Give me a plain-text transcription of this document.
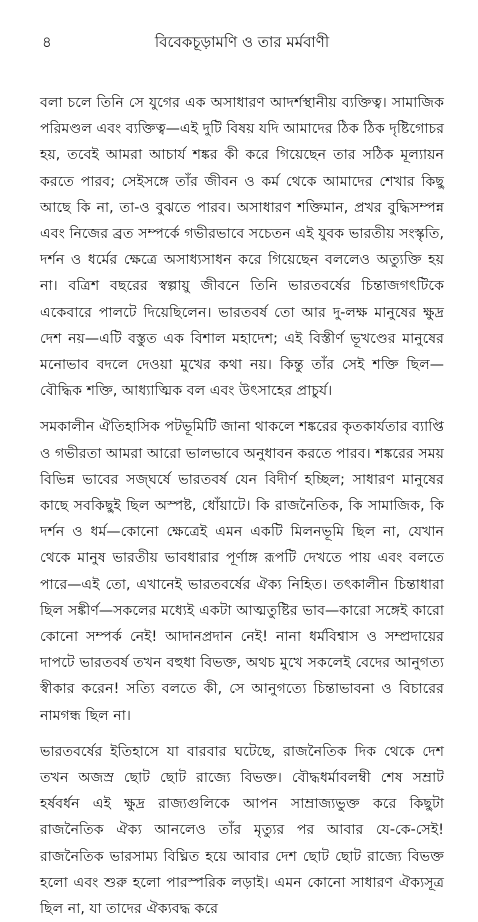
৪	বিবেকচূড়ামণি ও তার মর্মবাণী

বলা চলে তিনি সে যুগের এক অসাধারণ আদর্শস্থানীয় ব্যক্তিত্ব। সামাজিক পরিমণ্ডল এবং ব্যক্তিত্ব—এই দুটি বিষয় যদি আমাদের ঠিক ঠিক দৃষ্টিগোচর হয়, তবেই আমরা আচার্য শঙ্কর কী করে গিয়েছেন তার সঠিক মূল্যায়ন করতে পারব; সেইসঙ্গে তাঁর জীবন ও কর্ম থেকে আমাদের শেখার কিছু আছে কি না, তা-ও বুঝতে পারব। অসাধারণ শক্তিমান, প্রখর বুদ্ধিসম্পন্ন এবং নিজের ব্রত সম্পর্কে গভীরভাবে সচেতন এই যুবক ভারতীয় সংস্কৃতি, দর্শন ও ধর্মের ক্ষেত্রে অসাধ্যসাধন করে গিয়েছেন বললেও অত্যুক্তি হয় না। বত্রিশ বছরের স্বল্পায়ু জীবনে তিনি ভারতবর্ষের চিন্তাজগৎটিকে একেবারে পালটে দিয়েছিলেন। ভারতবর্ষ তো আর দু-লক্ষ মানুষের ক্ষুদ্র দেশ নয়—এটি বস্তুত এক বিশাল মহাদেশ; এই বিস্তীর্ণ ভূখণ্ডের মানুষের মনোভাব বদলে দেওয়া মুখের কথা নয়। কিন্তু তাঁর সেই শক্তি ছিল—বৌদ্ধিক শক্তি, আধ্যাত্মিক বল এবং উৎসাহের প্রাচুর্য।

সমকালীন ঐতিহাসিক পটভূমিটি জানা থাকলে শঙ্করের কৃতকার্যতার ব্যাপ্তি ও গভীরতা আমরা আরো ভালভাবে অনুধাবন করতে পারব। শঙ্করের সময় বিভিন্ন ভাবের সজ্ঘর্ষে ভারতবর্ষ যেন বিদীর্ণ হচ্ছিল; সাধারণ মানুষের কাছে সবকিছুই ছিল অস্পষ্ট, ধোঁয়াটে। কি রাজনৈতিক, কি সামাজিক, কি দর্শন ও ধর্ম—কোনো ক্ষেত্রেই এমন একটি মিলনভূমি ছিল না, যেখান থেকে মানুষ ভারতীয় ভাবধারার পূর্ণাঙ্গ রূপটি দেখতে পায় এবং বলতে পারে—এই তো, এখানেই ভারতবর্ষের ঐক্য নিহিত। তৎকালীন চিন্তাধারা ছিল সঙ্কীর্ণ—সকলের মধ্যেই একটা আত্মতুষ্টির ভাব—কারো সঙ্গেই কারো কোনো সম্পর্ক নেই! আদানপ্রদান নেই! নানা ধর্মবিশ্বাস ও সম্প্রদায়ের দাপটে ভারতবর্ষ তখন বহুধা বিভক্ত, অথচ মুখে সকলেই বেদের আনুগত্য স্বীকার করেন! সত্যি বলতে কী, সে আনুগত্যে চিন্তাভাবনা ও বিচারের নামগন্ধ ছিল না।

ভারতবর্ষের ইতিহাসে যা বারবার ঘটেছে, রাজনৈতিক দিক থেকে দেশ তখন অজস্র ছোট ছোট রাজ্যে বিভক্ত। বৌদ্ধধর্মাবলম্বী শেষ সম্রাট হর্ষবর্ধন এই ক্ষুদ্র রাজ্যগুলিকে আপন সাম্রাজ্যভুক্ত করে কিছুটা রাজনৈতিক ঐক্য আনলেও তাঁর মৃত্যুর পর আবার যে-কে-সেই! রাজনৈতিক ভারসাম্য বিঘ্নিত হয়ে আবার দেশ ছোট ছোট রাজ্যে বিভক্ত হলো এবং শুরু হলো পারস্পরিক লড়াই। এমন কোনো সাধারণ ঐক্যসূত্র ছিল না, যা তাদের ঐক্যবদ্ধ করে
